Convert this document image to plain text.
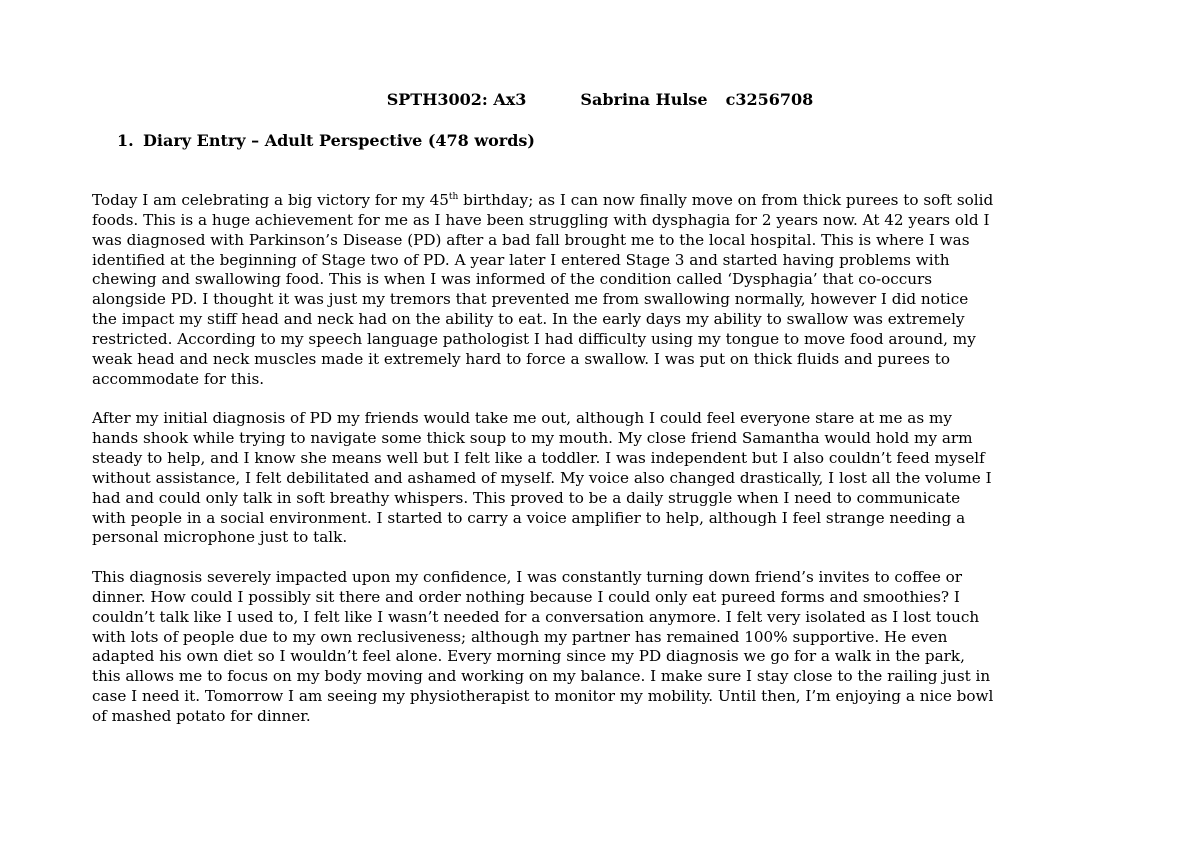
SPTH3002: Ax3	Sabrina Hulse c3256708
1. Diary Entry – Adult Perspective (478 words)

Today I am celebrating a big victory for my 45th birthday; as I can now finally move on from thick purees to soft solid
foods. This is a huge achievement for me as I have been struggling with dysphagia for 2 years now. At 42 years old I
was diagnosed with Parkinson’s Disease (PD) after a bad fall brought me to the local hospital. This is where I was
identified at the beginning of Stage two of PD. A year later I entered Stage 3 and started having problems with
chewing and swallowing food. This is when I was informed of the condition called ‘Dysphagia’ that co-occurs
alongside PD. I thought it was just my tremors that prevented me from swallowing normally, however I did notice
the impact my stiff head and neck had on the ability to eat. In the early days my ability to swallow was extremely
restricted. According to my speech language pathologist I had difficulty using my tongue to move food around, my
weak head and neck muscles made it extremely hard to force a swallow. I was put on thick fluids and purees to
accommodate for this.

After my initial diagnosis of PD my friends would take me out, although I could feel everyone stare at me as my
hands shook while trying to navigate some thick soup to my mouth. My close friend Samantha would hold my arm
steady to help, and I know she means well but I felt like a toddler. I was independent but I also couldn’t feed myself
without assistance, I felt debilitated and ashamed of myself. My voice also changed drastically, I lost all the volume I
had and could only talk in soft breathy whispers. This proved to be a daily struggle when I need to communicate
with people in a social environment. I started to carry a voice amplifier to help, although I feel strange needing a
personal microphone just to talk.

This diagnosis severely impacted upon my confidence, I was constantly turning down friend’s invites to coffee or
dinner. How could I possibly sit there and order nothing because I could only eat pureed forms and smoothies? I
couldn’t talk like I used to, I felt like I wasn’t needed for a conversation anymore. I felt very isolated as I lost touch
with lots of people due to my own reclusiveness; although my partner has remained 100% supportive. He even
adapted his own diet so I wouldn’t feel alone. Every morning since my PD diagnosis we go for a walk in the park,
this allows me to focus on my body moving and working on my balance. I make sure I stay close to the railing just in
case I need it. Tomorrow I am seeing my physiotherapist to monitor my mobility. Until then, I’m enjoying a nice bowl
of mashed potato for dinner.
